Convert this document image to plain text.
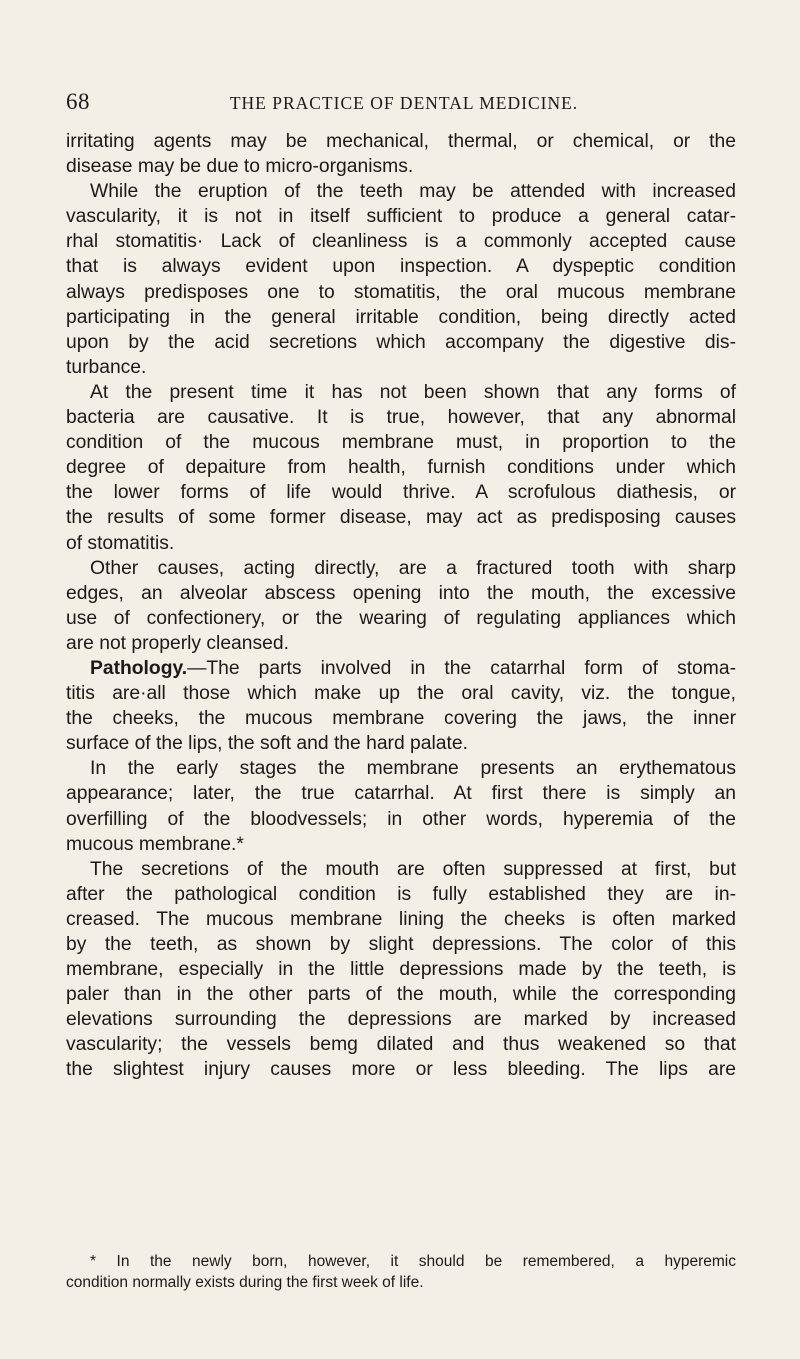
68	THE PRACTICE OF DENTAL MEDICINE.
irritating agents may be mechanical, thermal, or chemical, or the
disease may be due to micro-organisms.
While the eruption of the teeth may be attended with increased
vascularity, it is not in itself sufficient to produce a general catar-
rhal stomatitis· Lack of cleanliness is a commonly accepted cause
that is always evident upon inspection. A dyspeptic condition
always predisposes one to stomatitis, the oral mucous membrane
participating in the general irritable condition, being directly acted
upon by the acid secretions which accompany the digestive dis-
turbance.
At the present time it has not been shown that any forms of
bacteria are causative. It is true, however, that any abnormal
condition of the mucous membrane must, in proportion to the
degree of depaiture from health, furnish conditions under which
the lower forms of life would thrive. A scrofulous diathesis, or
the results of some former disease, may act as predisposing causes
of stomatitis.
Other causes, acting directly, are a fractured tooth with sharp
edges, an alveolar abscess opening into the mouth, the excessive
use of confectionery, or the wearing of regulating appliances which
are not properly cleansed.
Pathology.—The parts involved in the catarrhal form of stoma-
titis are·all those which make up the oral cavity, viz. the tongue,
the cheeks, the mucous membrane covering the jaws, the inner
surface of the lips, the soft and the hard palate.
In the early stages the membrane presents an erythematous
appearance; later, the true catarrhal. At first there is simply an
overfilling of the bloodvessels; in other words, hyperemia of the
mucous membrane.*
The secretions of the mouth are often suppressed at first, but
after the pathological condition is fully established they are in-
creased. The mucous membrane lining the cheeks is often marked
by the teeth, as shown by slight depressions. The color of this
membrane, especially in the little depressions made by the teeth, is
paler than in the other parts of the mouth, while the corresponding
elevations surrounding the depressions are marked by increased
vascularity; the vessels bemg dilated and thus weakened so that
the slightest injury causes more or less bleeding. The lips are
* In the newly born, however, it should be remembered, a hyperemic
condition normally exists during the first week of life.
